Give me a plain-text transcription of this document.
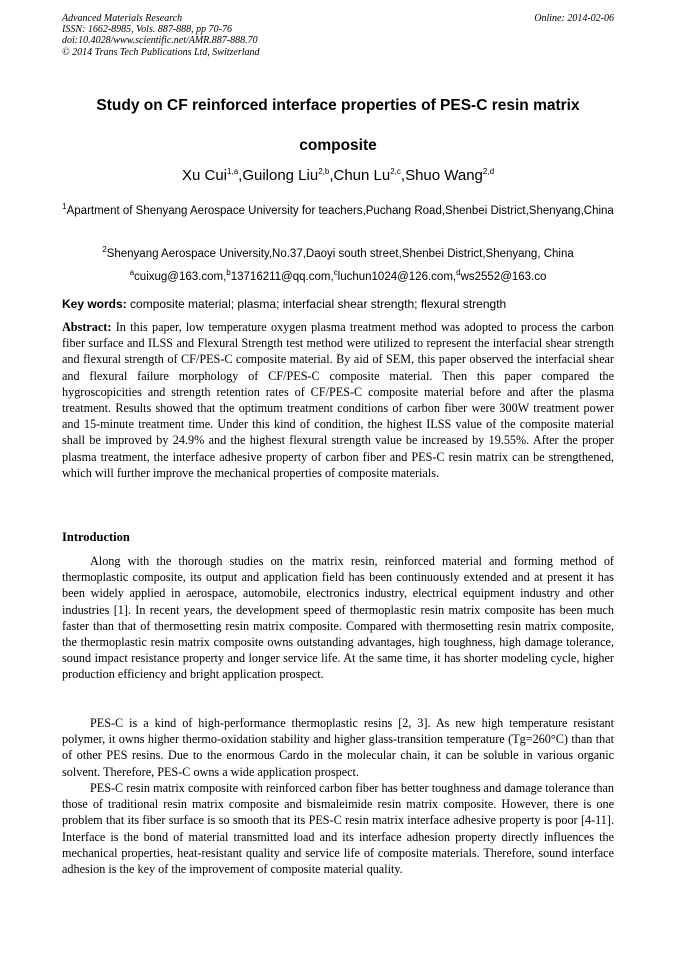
Advanced Materials Research
ISSN: 1662-8985, Vols. 887-888, pp 70-76
doi:10.4028/www.scientific.net/AMR.887-888.70
© 2014 Trans Tech Publications Ltd, Switzerland
Online: 2014-02-06
Study on CF reinforced interface properties of PES-C resin matrix composite
Xu Cui$^{1,a}$,Guilong Liu$^{2,b}$,Chun Lu$^{2,c}$,Shuo Wang$^{2,d}$
$^1$Apartment of Shenyang Aerospace University for teachers,Puchang Road,Shenbei District,Shenyang,China
$^2$Shenyang Aerospace University,No.37,Daoyi south street,Shenbei District,Shenyang, China
$^a$cuixug@163.com,$^b$13716211@qq.com,$^c$luchun1024@126.com,$^d$ws2552@163.co
Key words: composite material; plasma; interfacial shear strength; flexural strength
Abstract: In this paper, low temperature oxygen plasma treatment method was adopted to process the carbon fiber surface and ILSS and Flexural Strength test method were utilized to represent the interfacial shear strength and flexural strength of CF/PES-C composite material. By aid of SEM, this paper observed the interfacial shear and flexural failure morphology of CF/PES-C composite material. Then this paper compared the hygroscopicities and strength retention rates of CF/PES-C composite material before and after the plasma treatment. Results showed that the optimum treatment conditions of carbon fiber were 300W treatment power and 15-minute treatment time. Under this kind of condition, the highest ILSS value of the composite material shall be improved by 24.9% and the highest flexural strength value be increased by 19.55%. After the proper plasma treatment, the interface adhesive property of carbon fiber and PES-C resin matrix can be strengthened, which will further improve the mechanical properties of composite materials.
Introduction

Along with the thorough studies on the matrix resin, reinforced material and forming method of thermoplastic composite, its output and application field has been continuously extended and at present it has been widely applied in aerospace, automobile, electronics industry, electrical equipment industry and other industries [1]. In recent years, the development speed of thermoplastic resin matrix composite has been much faster than that of thermosetting resin matrix composite. Compared with thermosetting resin matrix composite, the thermoplastic resin matrix composite owns outstanding advantages, high toughness, high damage tolerance, sound impact resistance property and longer service life. At the same time, it has shorter modeling cycle, higher production efficiency and bright application prospect.

PES-C is a kind of high-performance thermoplastic resins [2, 3]. As new high temperature resistant polymer, it owns higher thermo-oxidation stability and higher glass-transition temperature (Tg=260°C) than that of other PES resins. Due to the enormous Cardo in the molecular chain, it can be soluble in various organic solvent. Therefore, PES-C owns a wide application prospect.

PES-C resin matrix composite with reinforced carbon fiber has better toughness and damage tolerance than those of traditional resin matrix composite and bismaleimide resin matrix composite. However, there is one problem that its fiber surface is so smooth that its PES-C resin matrix interface adhesive property is poor [4-11]. Interface is the bond of material transmitted load and its interface adhesion property directly influences the mechanical properties, heat-resistant quality and service life of composite materials. Therefore, sound interface adhesion is the key of the improvement of composite material quality.
